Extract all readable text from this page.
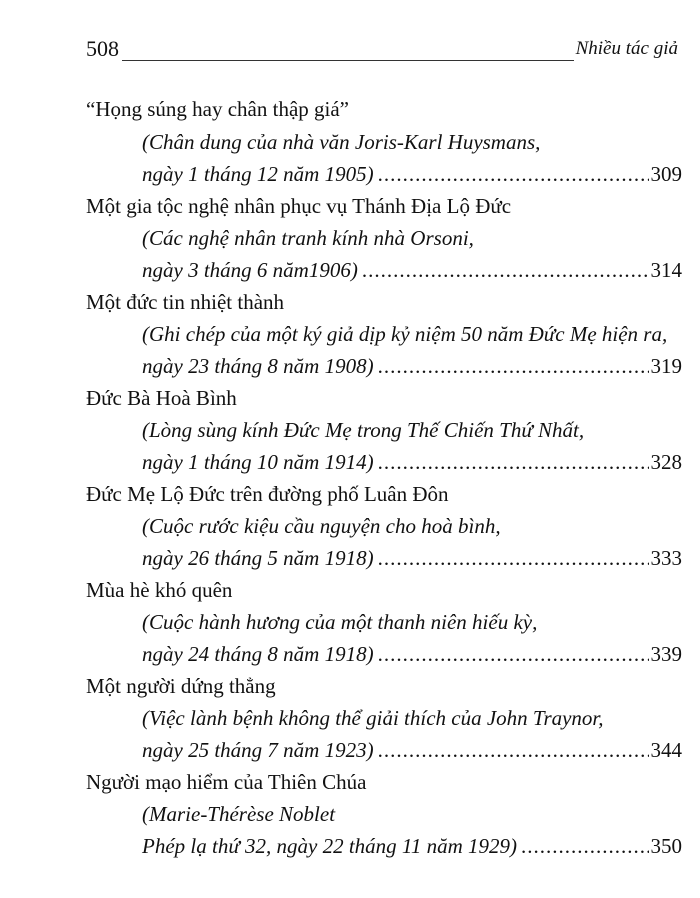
508	Nhiều tác giả
“Họng súng hay chân thập giá”
(Chân dung của nhà văn Joris-Karl Huysmans,
ngày 1 tháng 12 năm 1905) .....	309
Một gia tộc nghệ nhân phục vụ Thánh Địa Lộ Đức
(Các nghệ nhân tranh kính nhà Orsoni,
ngày 3 tháng 6 năm1906) .....	314
Một đức tin nhiệt thành
(Ghi chép của một ký giả dịp kỷ niệm 50 năm Đức Mẹ hiện ra,
ngày 23 tháng 8 năm 1908) .....	319
Đức Bà Hoà Bình
(Lòng sùng kính Đức Mẹ trong Thế Chiến Thứ Nhất,
ngày 1 tháng 10 năm 1914) .....	328
Đức Mẹ Lộ Đức trên đường phố Luân Đôn
(Cuộc rước kiệu cầu nguyện cho hoà bình,
ngày 26 tháng 5 năm 1918) .....	333
Mùa hè khó quên
(Cuộc hành hương của một thanh niên hiếu kỳ,
ngày 24 tháng 8 năm 1918) .....	339
Một người dứng thẳng
(Việc lành bệnh không thể giải thích của John Traynor,
ngày 25 tháng 7 năm 1923) .....	344
Người mạo hiểm của Thiên Chúa
(Marie-Thérèse Noblet
Phép lạ thứ 32, ngày 22 tháng 11 năm 1929) .....	350
